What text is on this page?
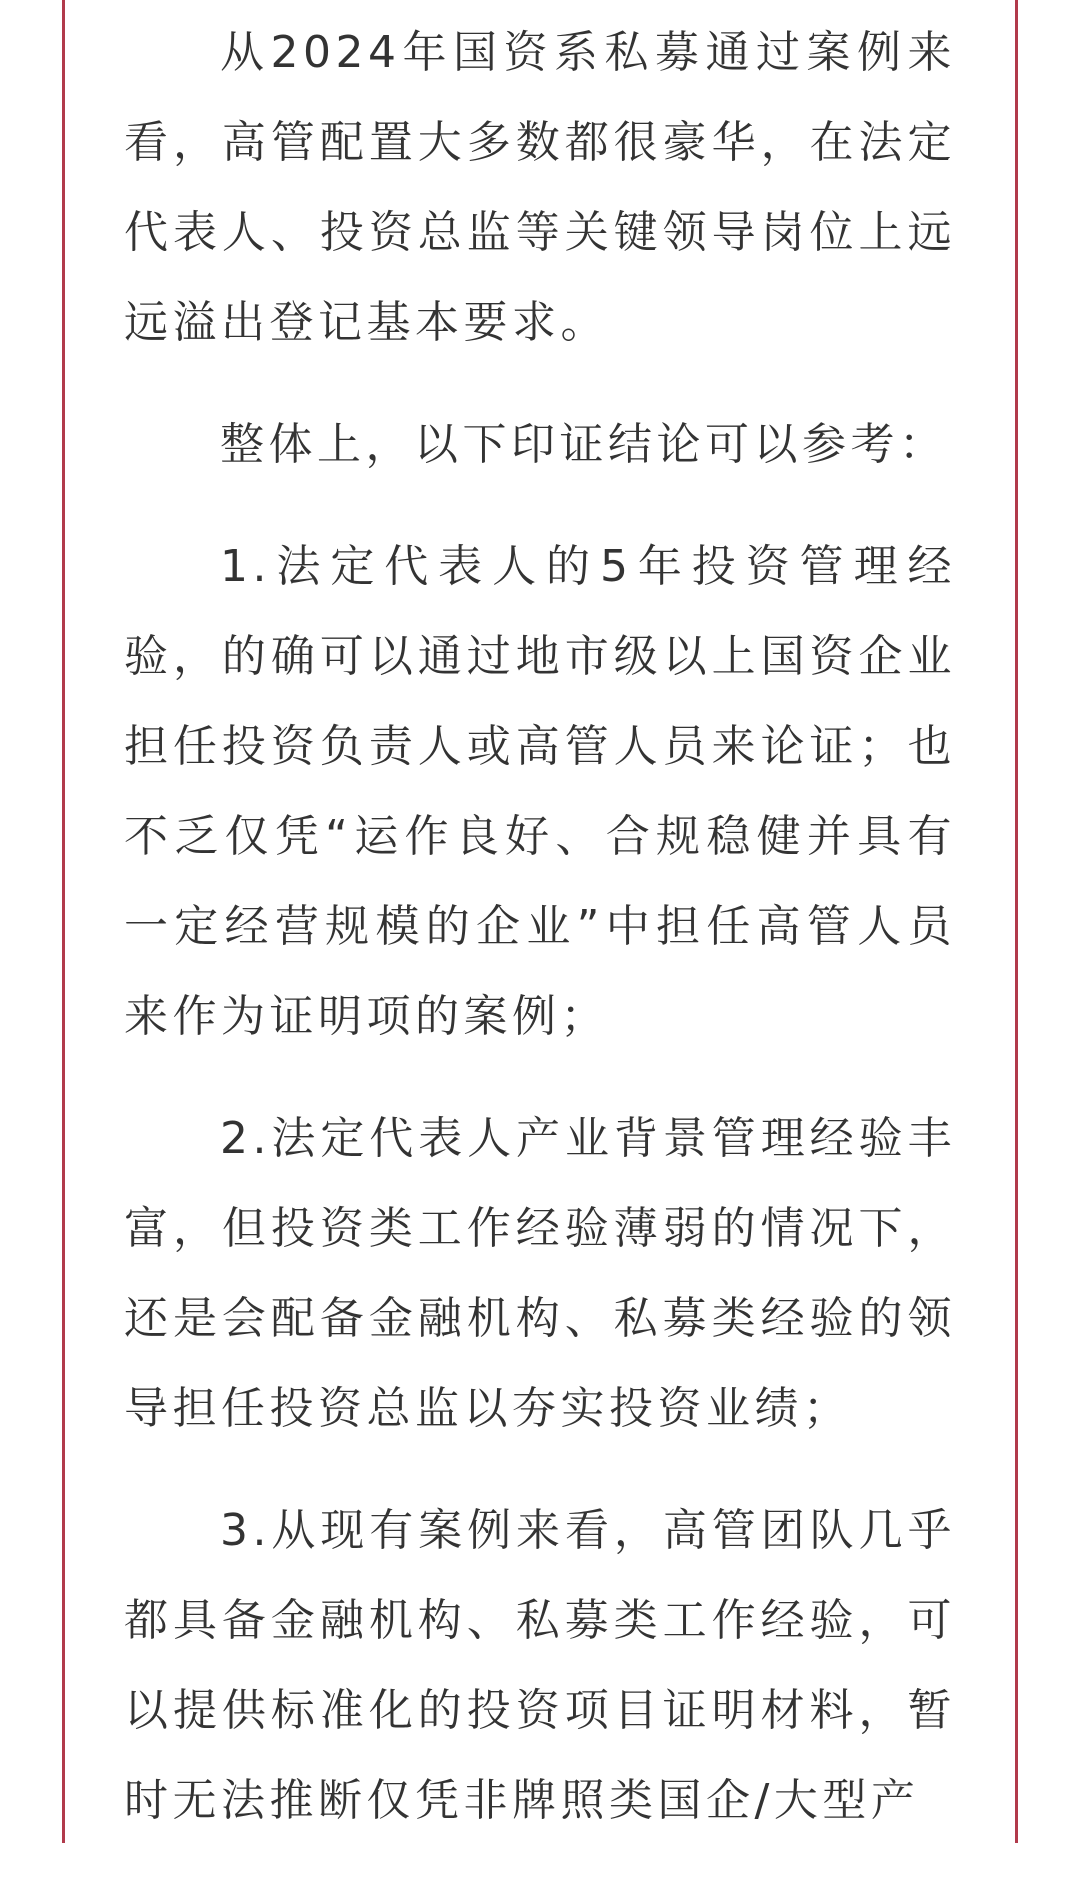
从2024年国资系私募通过案例来看，高管配置大多数都很豪华，在法定代表人、投资总监等关键领导岗位上远远溢出登记基本要求。

整体上，以下印证结论可以参考：

1.法定代表人的5年投资管理经验，的确可以通过地市级以上国资企业担任投资负责人或高管人员来论证；也不乏仅凭“运作良好、合规稳健并具有一定经营规模的企业”中担任高管人员来作为证明项的案例；

2.法定代表人产业背景管理经验丰富，但投资类工作经验薄弱的情况下，还是会配备金融机构、私募类经验的领导担任投资总监以夯实投资业绩；

3.从现有案例来看，高管团队几乎都具备金融机构、私募类工作经验，可以提供标准化的投资项目证明材料，暂时无法推断仅凭非牌照类国企/大型产
